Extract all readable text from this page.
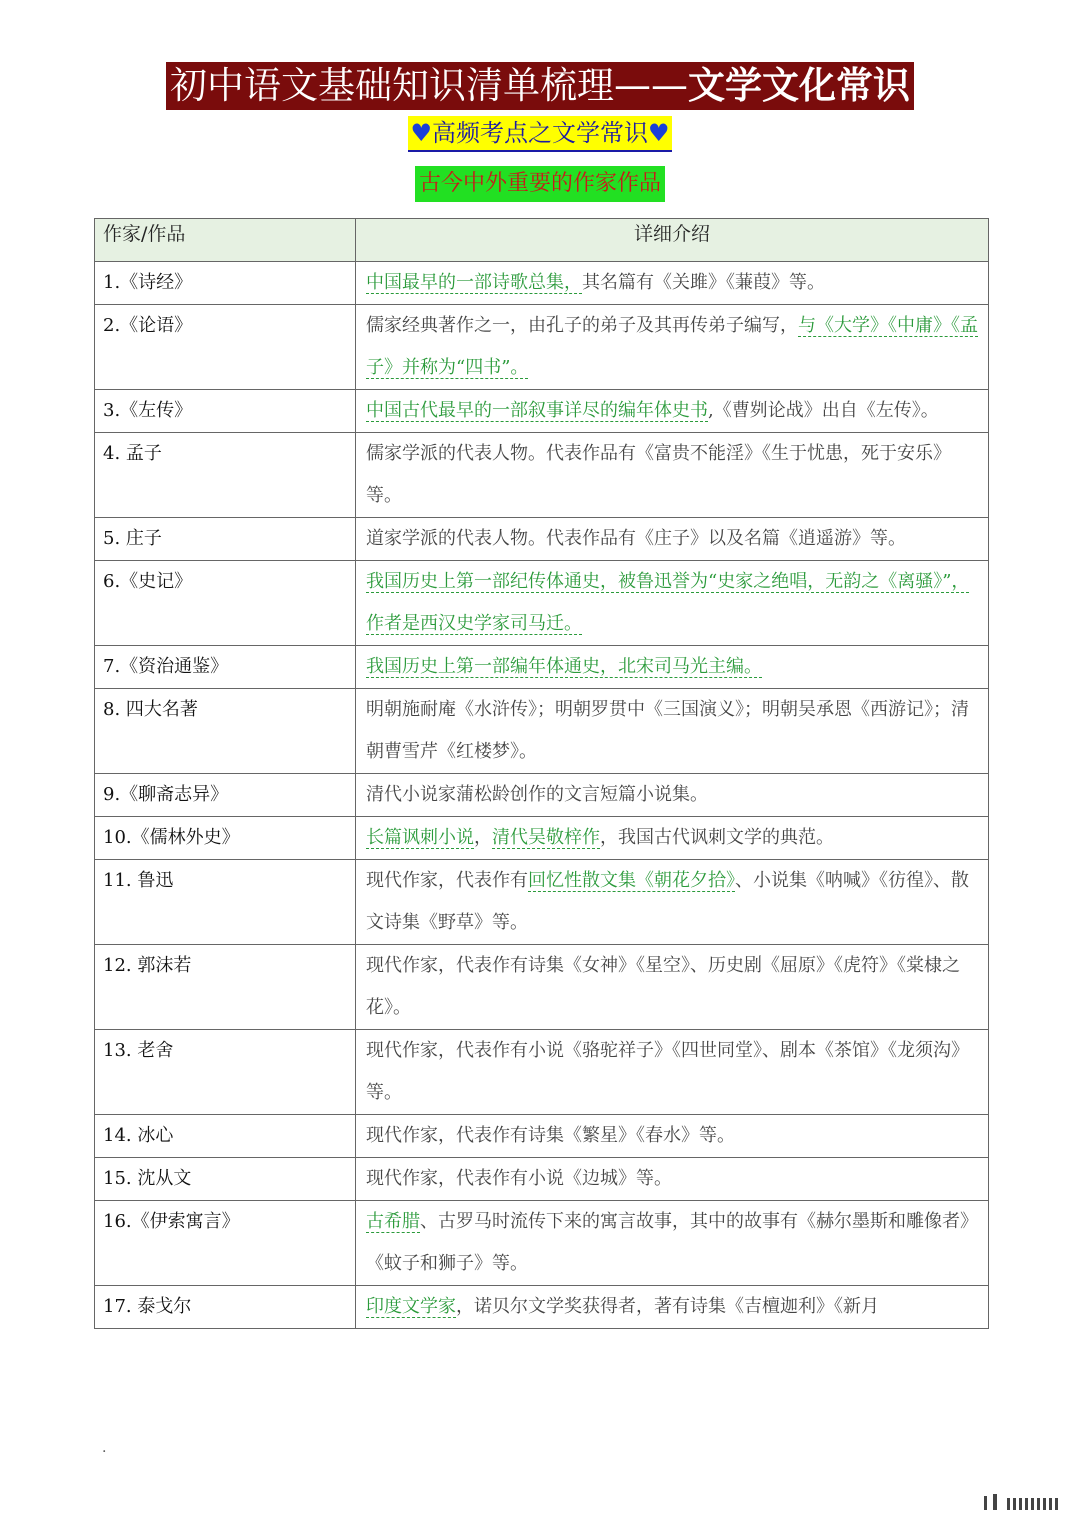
初中语文基础知识清单梳理——文学文化常识
♥高频考点之文学常识♥
古今中外重要的作家作品
作家/作品	详细介绍
1.《诗经》	中国最早的一部诗歌总集，其名篇有《关雎》《蒹葭》等。
2.《论语》	儒家经典著作之一，由孔子的弟子及其再传弟子编写，与《大学》《中庸》《孟子》并称为“四书”。
3.《左传》	中国古代最早的一部叙事详尽的编年体史书,《曹刿论战》出自《左传》。
4. 孟子	儒家学派的代表人物。代表作品有《富贵不能淫》《生于忧患，死于安乐》等。
5. 庄子	道家学派的代表人物。代表作品有《庄子》以及名篇《逍遥游》等。
6.《史记》	我国历史上第一部纪传体通史，被鲁迅誉为“史家之绝唱，无韵之《离骚》”，作者是西汉史学家司马迁。
7.《资治通鉴》	我国历史上第一部编年体通史，北宋司马光主编。
8. 四大名著	明朝施耐庵《水浒传》；明朝罗贯中《三国演义》；明朝吴承恩《西游记》；清朝曹雪芹《红楼梦》。
9.《聊斋志异》	清代小说家蒲松龄创作的文言短篇小说集。
10.《儒林外史》	长篇讽刺小说，清代吴敬梓作，我国古代讽刺文学的典范。
11. 鲁迅	现代作家，代表作有回忆性散文集《朝花夕拾》、小说集《呐喊》《彷徨》、散文诗集《野草》等。
12. 郭沫若	现代作家，代表作有诗集《女神》《星空》、历史剧《屈原》《虎符》《棠棣之花》。
13. 老舍	现代作家，代表作有小说《骆驼祥子》《四世同堂》、剧本《茶馆》《龙须沟》等。
14. 冰心	现代作家，代表作有诗集《繁星》《春水》等。
15. 沈从文	现代作家，代表作有小说《边城》等。
16.《伊索寓言》	古希腊、古罗马时流传下来的寓言故事，其中的故事有《赫尔墨斯和雕像者》《蚊子和狮子》等。
17. 泰戈尔	印度文学家，诺贝尔文学奖获得者，著有诗集《吉檀迦利》《新月
.
